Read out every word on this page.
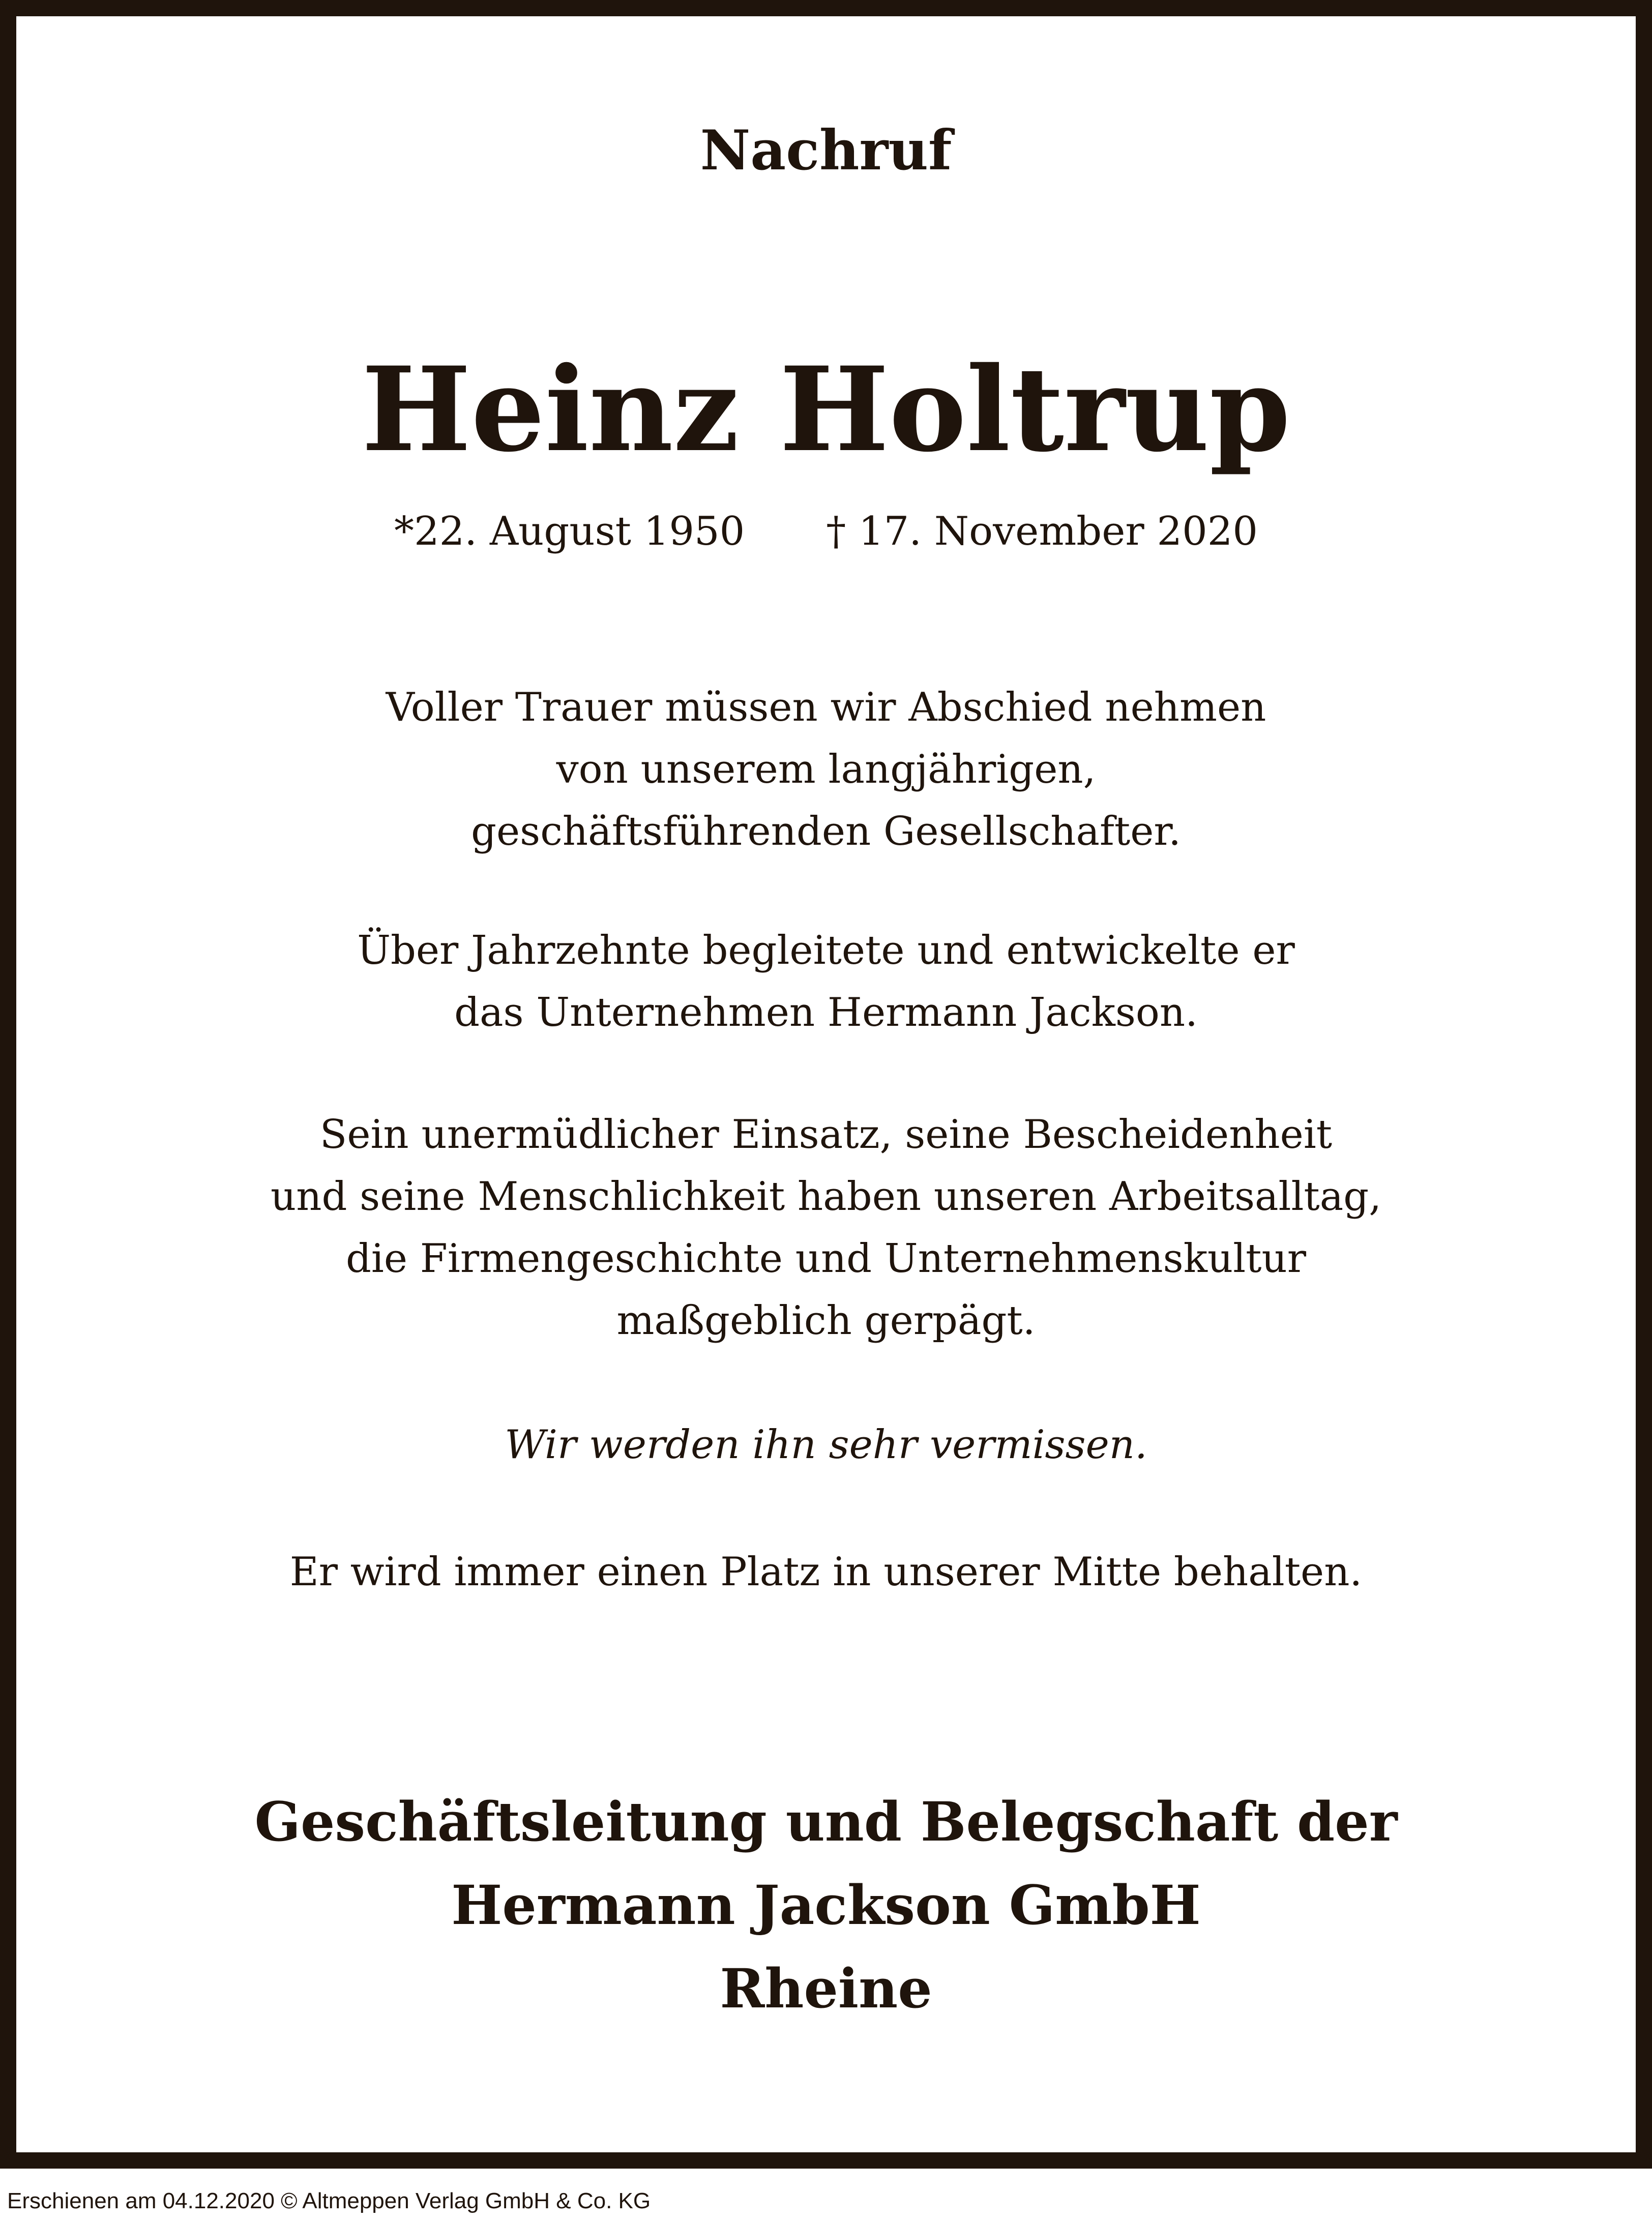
Nachruf
Heinz Holtrup
*22. August 1950 † 17. November 2020
Voller Trauer müssen wir Abschied nehmen
von unserem langjährigen,
geschäftsführenden Gesellschafter.
Über Jahrzehnte begleitete und entwickelte er
das Unternehmen Hermann Jackson.
Sein unermüdlicher Einsatz, seine Bescheidenheit
und seine Menschlichkeit haben unseren Arbeitsalltag,
die Firmengeschichte und Unternehmenskultur
maßgeblich gerpägt.
Wir werden ihn sehr vermissen.
Er wird immer einen Platz in unserer Mitte behalten.
Geschäftsleitung und Belegschaft der
Hermann Jackson GmbH
Rheine
Erschienen am 04.12.2020 © Altmeppen Verlag GmbH & Co. KG
